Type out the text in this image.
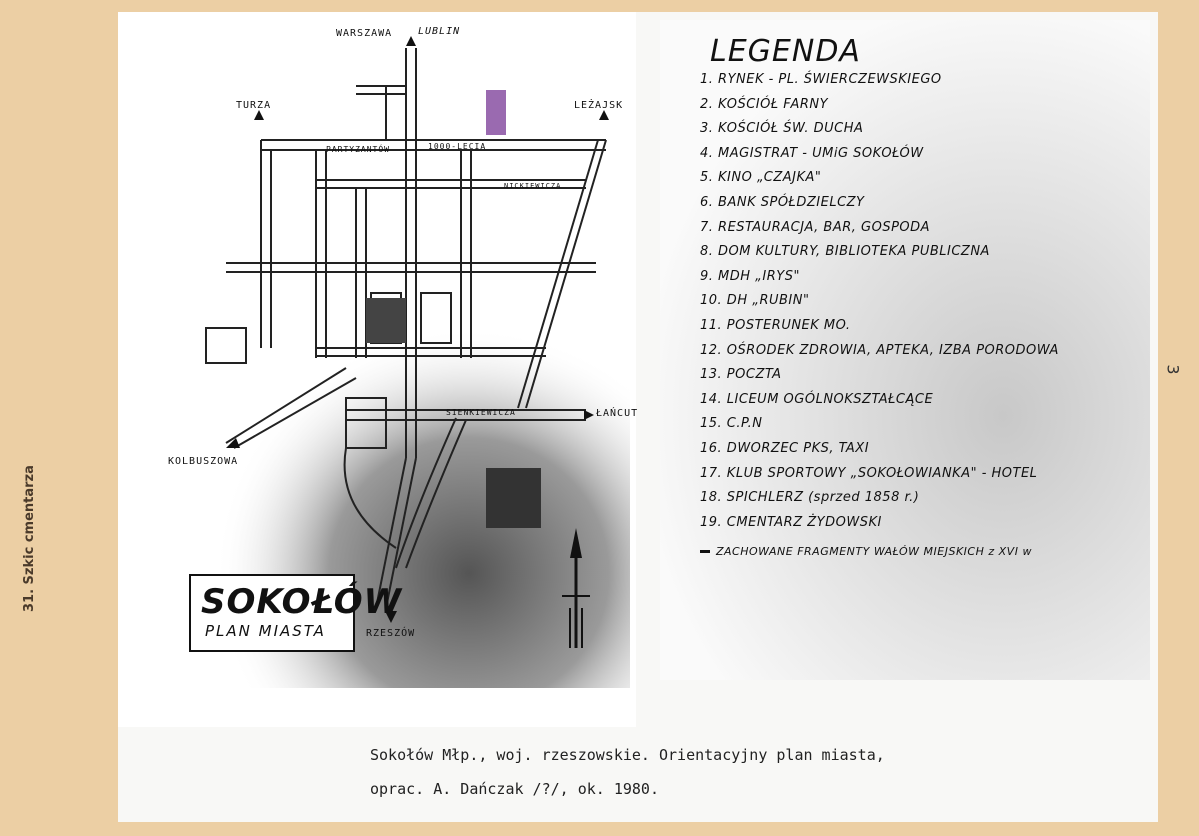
31. Szkic cmentarza
WARSZAWA	LUBLIN
TURZA	LEŻAJSK
ŁAŃCUT
KOLBUSZOWA
RZESZÓW
PARTYZANTÓW	1000-LECIA
NICKIEWICZA
SIENKIEWICZA
SOKOŁÓW
PLAN MIASTA
LEGENDA
1. RYNEK - PL. ŚWIERCZEWSKIEGO
2. KOŚCIÓŁ FARNY
3. KOŚCIÓŁ ŚW. DUCHA
4. MAGISTRAT - UMiG SOKOŁÓW
5. KINO „CZAJKA"
6. BANK SPÓŁDZIELCZY
7. RESTAURACJA, BAR, GOSPODA
8. DOM KULTURY, BIBLIOTEKA PUBLICZNA
9. MDH „IRYS"
10. DH „RUBIN"
11. POSTERUNEK MO.
12. OŚRODEK ZDROWIA, APTEKA, IZBA PORODOWA
13. POCZTA
14. LICEUM OGÓLNOKSZTAŁCĄCE
15. C.P.N
16. DWORZEC PKS, TAXI
17. KLUB SPORTOWY „SOKOŁOWIANKA" - HOTEL
18. SPICHLERZ (sprzed 1858 r.)
19. CMENTARZ ŻYDOWSKI
ZACHOWANE FRAGMENTY WAŁÓW MIEJSKICH z XVI w
3
Sokołów Młp., woj. rzeszowskie. Orientacyjny plan miasta,
oprac. A. Dańczak /?/, ok. 1980.
